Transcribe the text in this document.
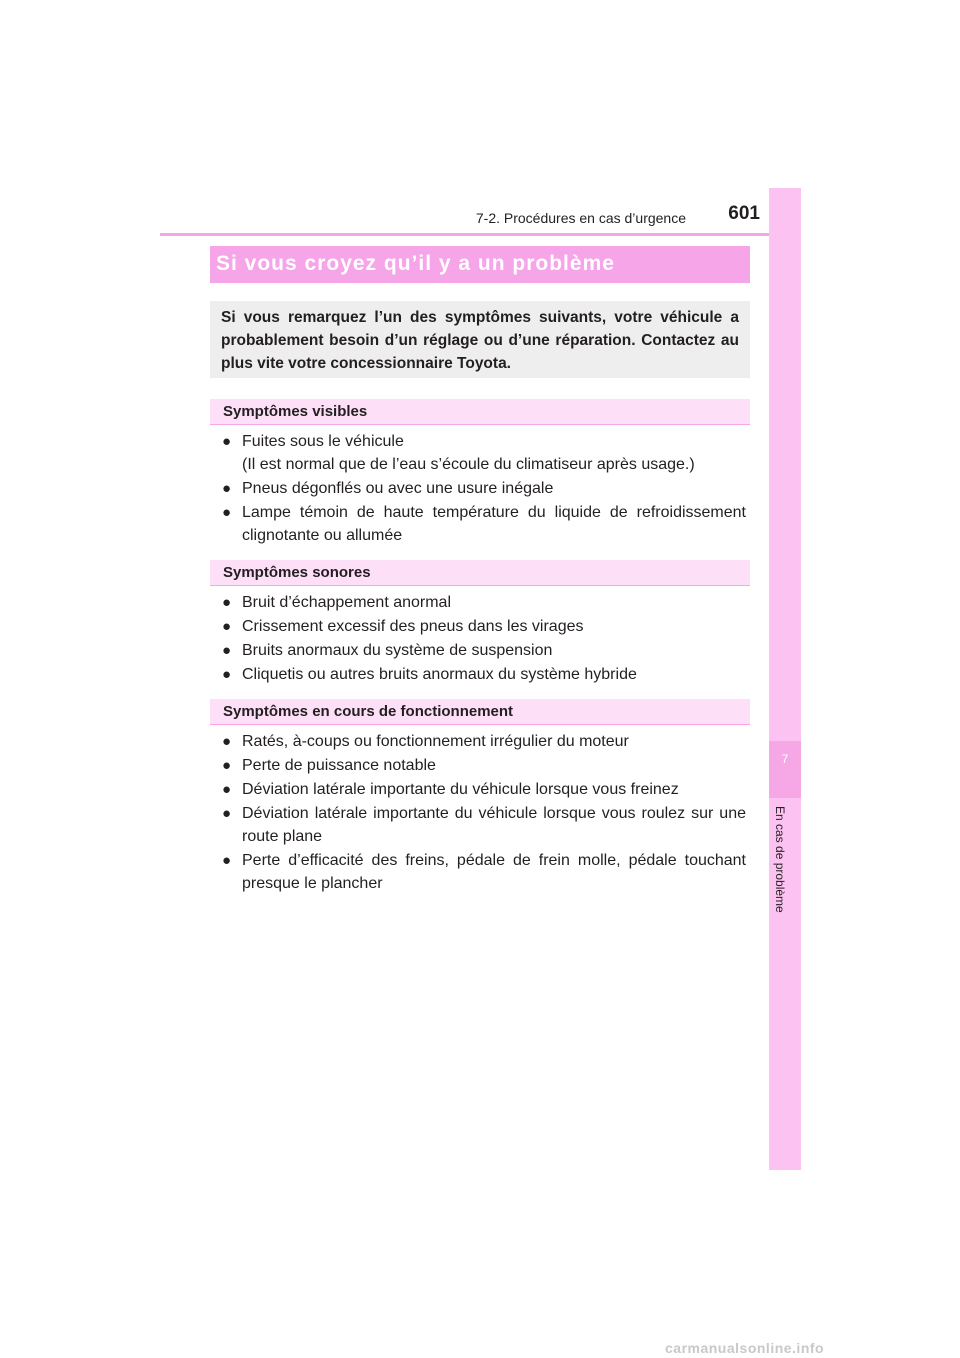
7-2. Procédures en cas d’urgence	601
7
En cas de problème
Si vous croyez qu’il y a un problème
Si vous remarquez l’un des symptômes suivants, votre véhicule a probablement besoin d’un réglage ou d’une réparation. Contactez au plus vite votre concessionnaire Toyota.
Symptômes visibles
● Fuites sous le véhicule
(Il est normal que de l’eau s’écoule du climatiseur après usage.)
● Pneus dégonflés ou avec une usure inégale
● Lampe témoin de haute température du liquide de refroidissement clignotante ou allumée
Symptômes sonores
● Bruit d’échappement anormal
● Crissement excessif des pneus dans les virages
● Bruits anormaux du système de suspension
● Cliquetis ou autres bruits anormaux du système hybride
Symptômes en cours de fonctionnement
● Ratés, à-coups ou fonctionnement irrégulier du moteur
● Perte de puissance notable
● Déviation latérale importante du véhicule lorsque vous freinez
● Déviation latérale importante du véhicule lorsque vous roulez sur une route plane
● Perte d’efficacité des freins, pédale de frein molle, pédale touchant presque le plancher
carmanualsonline.info
